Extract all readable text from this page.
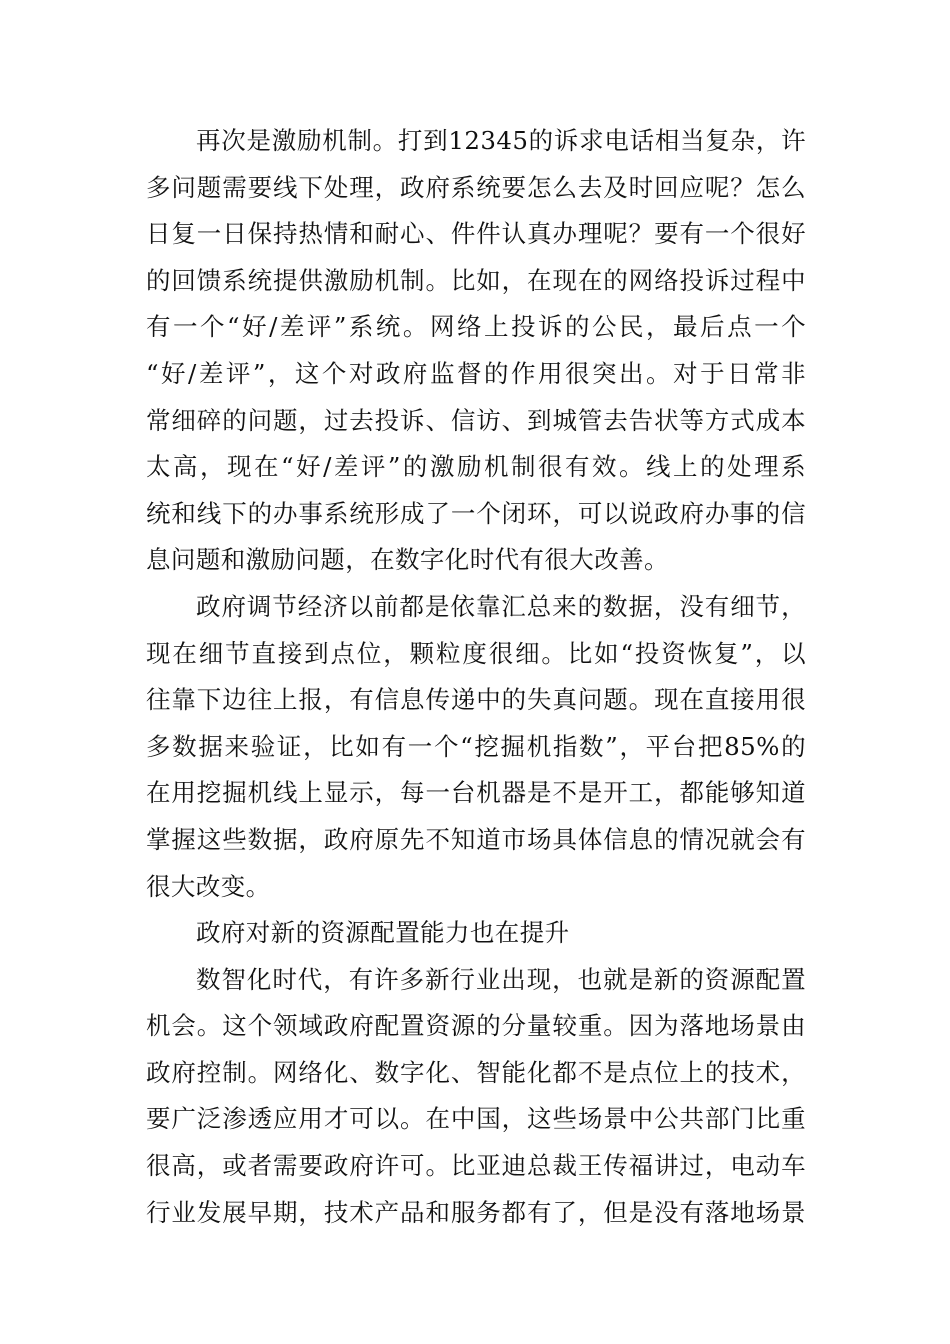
再次是激励机制。打到12345的诉求电话相当复杂，许
多问题需要线下处理，政府系统要怎么去及时回应呢？怎么
日复一日保持热情和耐心、件件认真办理呢？要有一个很好
的回馈系统提供激励机制。比如，在现在的网络投诉过程中
有一个“好/差评”系统。网络上投诉的公民，最后点一个
“好/差评”，这个对政府监督的作用很突出。对于日常非
常细碎的问题，过去投诉、信访、到城管去告状等方式成本
太高，现在“好/差评”的激励机制很有效。线上的处理系
统和线下的办事系统形成了一个闭环，可以说政府办事的信
息问题和激励问题，在数字化时代有很大改善。
政府调节经济以前都是依靠汇总来的数据，没有细节，
现在细节直接到点位，颗粒度很细。比如“投资恢复”，以
往靠下边往上报，有信息传递中的失真问题。现在直接用很
多数据来验证，比如有一个“挖掘机指数”，平台把85%的
在用挖掘机线上显示，每一台机器是不是开工，都能够知道
掌握这些数据，政府原先不知道市场具体信息的情况就会有
很大改变。
政府对新的资源配置能力也在提升
数智化时代，有许多新行业出现，也就是新的资源配置
机会。这个领域政府配置资源的分量较重。因为落地场景由
政府控制。网络化、数字化、智能化都不是点位上的技术，
要广泛渗透应用才可以。在中国，这些场景中公共部门比重
很高，或者需要政府许可。比亚迪总裁王传福讲过，电动车
行业发展早期，技术产品和服务都有了，但是没有落地场景
